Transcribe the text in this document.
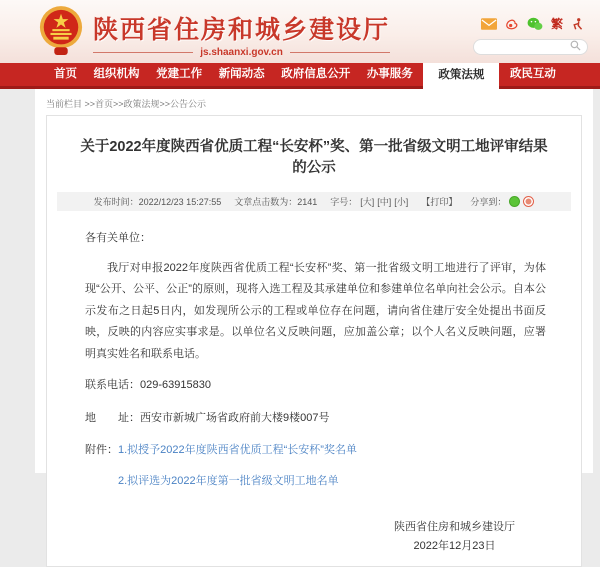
陕西省住房和城乡建设厅
js.shaanxi.gov.cn
繁
首页	组织机构	党建工作	新闻动态	政府信息公开	办事服务	政策法规	政民互动
当前栏目 >>首页>>政策法规>>公告公示
关于2022年度陕西省优质工程“长安杯”奖、第一批省级文明工地评审结果的公示
发布时间：2022/12/23 15:27:55 文章点击数为：2141 字号： [大] [中] [小] 【打印】 分享到：
各有关单位：
我厅对申报2022年度陕西省优质工程“长安杯”奖、第一批省级文明工地进行了评审，为体现“公开、公平、公正”的原则，现将入选工程及其承建单位和参建单位名单向社会公示。自本公示发布之日起5日内，如发现所公示的工程或单位存在问题，请向省住建厅安全处提出书面反映，反映的内容应实事求是。以单位名义反映问题，应加盖公章；以个人名义反映问题，应署明真实姓名和联系电话。
联系电话：029-63915830
地　　址：西安市新城广场省政府前大楼9楼007号
附件：1.拟授予2022年度陕西省优质工程“长安杯”奖名单
2.拟评选为2022年度第一批省级文明工地名单
陕西省住房和城乡建设厅
2022年12月23日
